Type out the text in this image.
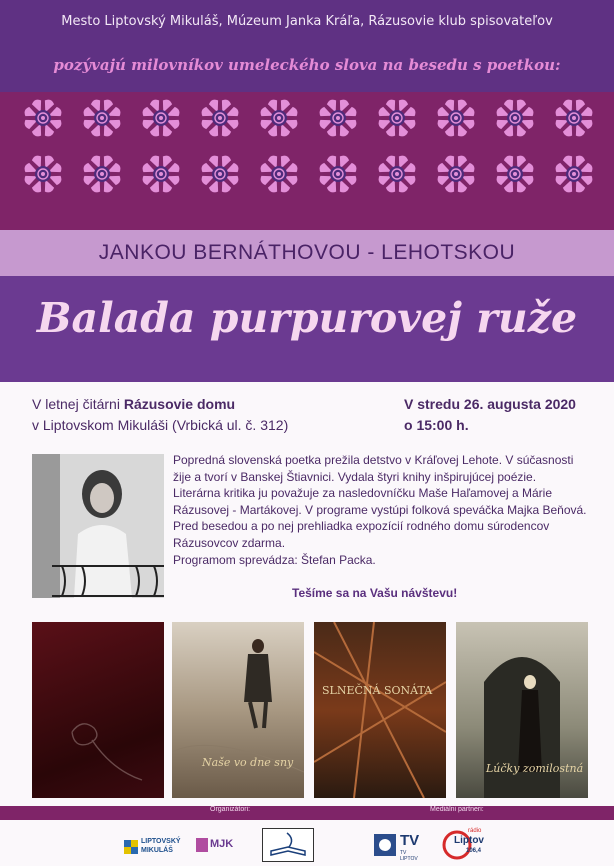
Mesto Liptovský Mikuláš, Múzeum Janka Kráľa, Rázusovie klub spisovateľov
pozývajú milovníkov umeleckého slova na besedu s poetkou:
JANKOU BERNÁTHOVOU - LEHOTSKOU
Balada purpurovej ruže
V letnej čitárni Rázusovie domu
v Liptovskom Mikuláši (Vrbická ul. č. 312)
V stredu 26. augusta 2020
o 15:00 h.
Popredná slovenská poetka prežila detstvo v Kráľovej Lehote. V súčasnosti
žije a tvorí v Banskej Štiavnici. Vydala štyri knihy inšpirujúcej poézie.
Literárna kritika ju považuje za nasledovníčku Maše Haľamovej a Márie
Rázusovej - Martákovej. V programe vystúpi folková speváčka Majka Beňová.
Pred besedou a po nej prehliadka expozícií rodného domu súrodencov
Rázusovcov zdarma.
Programom sprevádza: Štefan Packa.
Tešíme sa na Vašu návštevu!
Naše vo dne sny
SLNEČNÁ SONÁTA
Lúčky zomilostná
Organizátori:	Mediálni partneri:
LIPTOVSKÝ
MIKULÁŠ
MJK	TV
TV LIPTOV
rádio
Liptov
106,4
